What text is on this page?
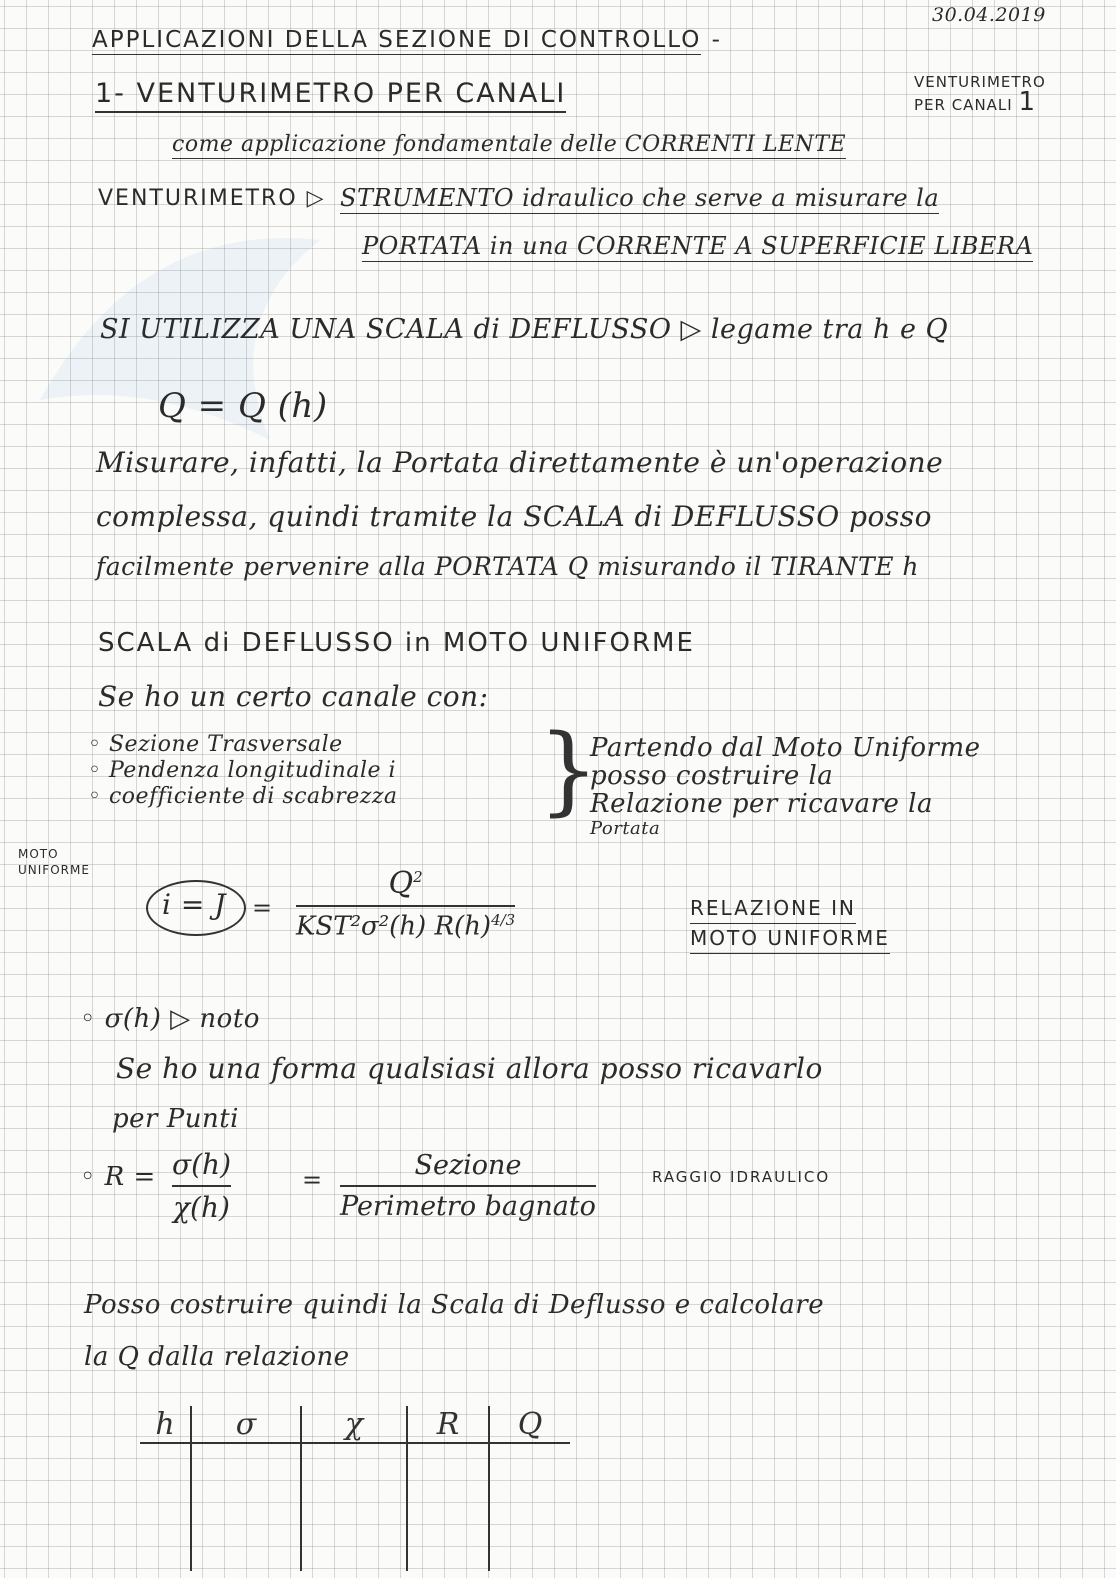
30.04.2019
APPLICAZIONI DELLA SEZIONE DI CONTROLLO -
1- VENTURIMETRO PER CANALI	VENTURIMETRO
PER CANALI 1
come applicazione fondamentale delle CORRENTI LENTE
VENTURIMETRO ▷ STRUMENTO idraulico che serve a misurare la
PORTATA in una CORRENTE A SUPERFICIE LIBERA
SI UTILIZZA UNA SCALA di DEFLUSSO ▷ legame tra h e Q
Q = Q (h)
Misurare, infatti, la Portata direttamente è un'operazione
complessa, quindi tramite la SCALA di DEFLUSSO posso
facilmente pervenire alla PORTATA Q misurando il TIRANTE h
SCALA di DEFLUSSO in MOTO UNIFORME
Se ho un certo canale con:
◦ Sezione Trasversale
◦ Pendenza longitudinale i
◦ coefficiente di scabrezza }
Partendo dal Moto Uniforme
posso costruire la
Relazione per ricavare la
Portata
MOTO
UNIFORME
i = J =
$Q^2$
KST²σ²(h) $R(h)^{4/3}$	RELAZIONE IN
MOTO UNIFORME
◦ σ(h) ▷ noto
Se ho una forma qualsiasi allora posso ricavarlo
per Punti
◦ R = σ(h)
χ(h)
=	Sezione
Perimetro bagnato
RAGGIO IDRAULICO
Posso costruire quindi la Scala di Deflusso e calcolare
la Q dalla relazione
h	σ	χ	R	Q
